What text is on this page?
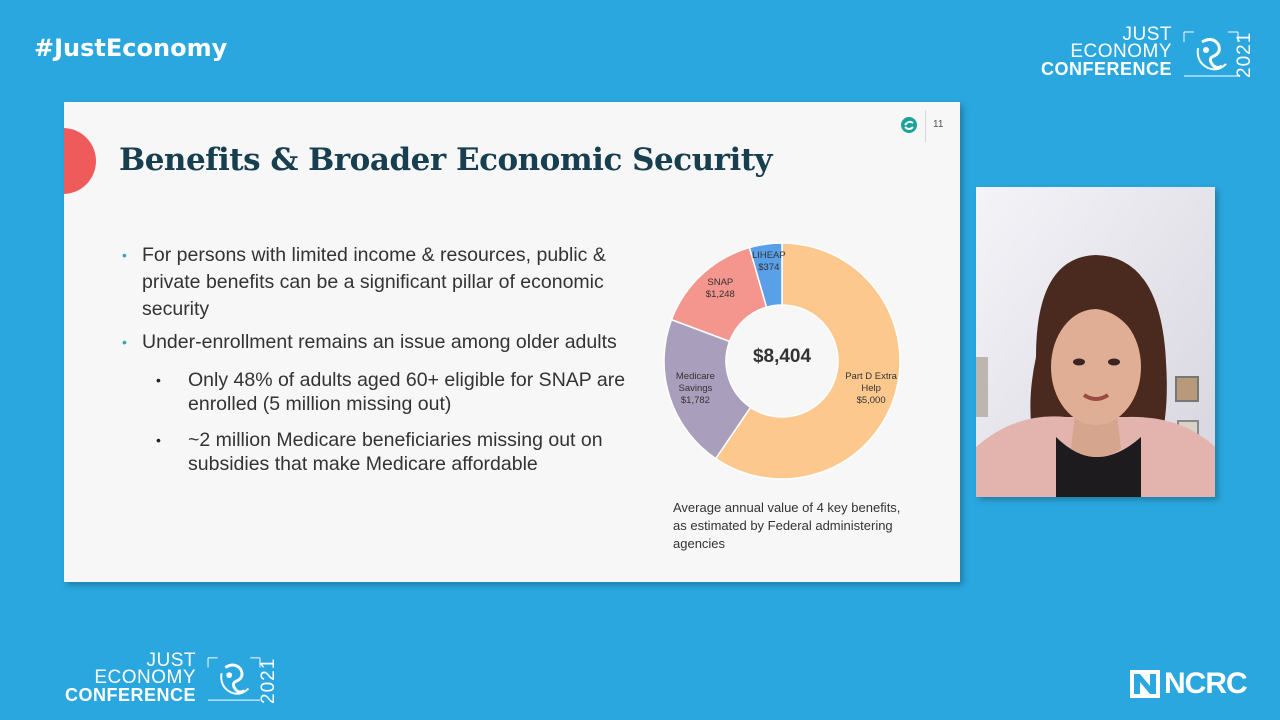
#JustEconomy	JUST
ECONOMY
CONFERENCE	2021
Benefits & Broader Economic Security
11
• For persons with limited income & resources, public & private benefits can be a significant pillar of economic security
• Under-enrollment remains an issue among older adults
• Only 48% of adults aged 60+ eligible for SNAP are enrolled (5 million missing out)
• ~2 million Medicare beneficiaries missing out on subsidies that make Medicare affordable
Part D Extra
Help
$5,000
Medicare
Savings
$1,782
SNAP
$1,248
LIHEAP
$374
$8,404
Average annual value of 4 key benefits, as estimated by Federal administering agencies
JUST
ECONOMY
CONFERENCE	2021	NCRC
